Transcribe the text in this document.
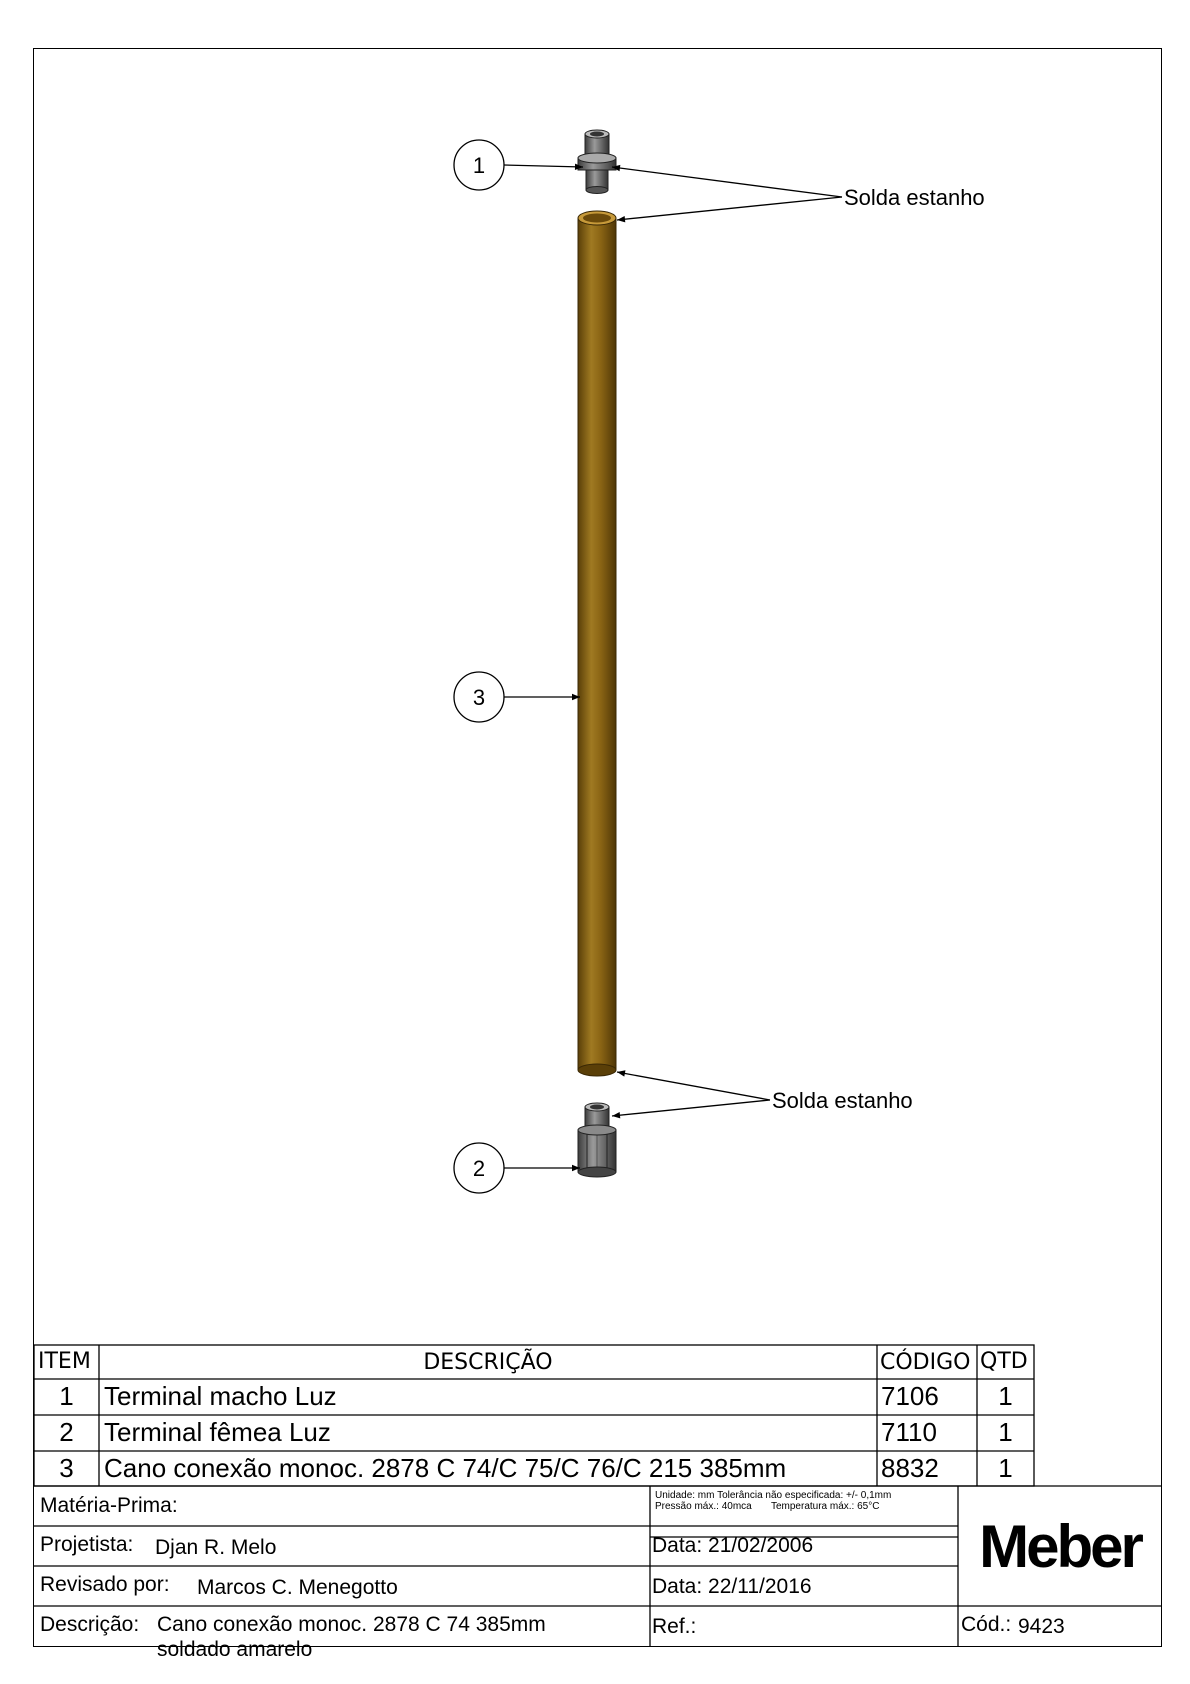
1
3
2
Solda estanho
Solda estanho
ITEM	DESCRIÇÃO	CÓDIGO QTD
1	Terminal macho Luz	7106	1
2	Terminal fêmea Luz	7110	1
3	Cano conexão monoc. 2878 C 74/C 75/C 76/C 215 385mm	8832	1
Matéria-Prima:	Unidade: mm Tolerância não especificada: +/- 0,1mm
Pressão máx.: 40mca       Temperatura máx.: 65°C
Projetista: Djan R. Melo	Data: 21/02/2006
Revisado por: Marcos C. Menegotto	Data: 22/11/2016
Descrição: Cano conexão monoc. 2878 C 74 385mm
soldado amarelo
Ref.:	Cód.: 9423
Meber
